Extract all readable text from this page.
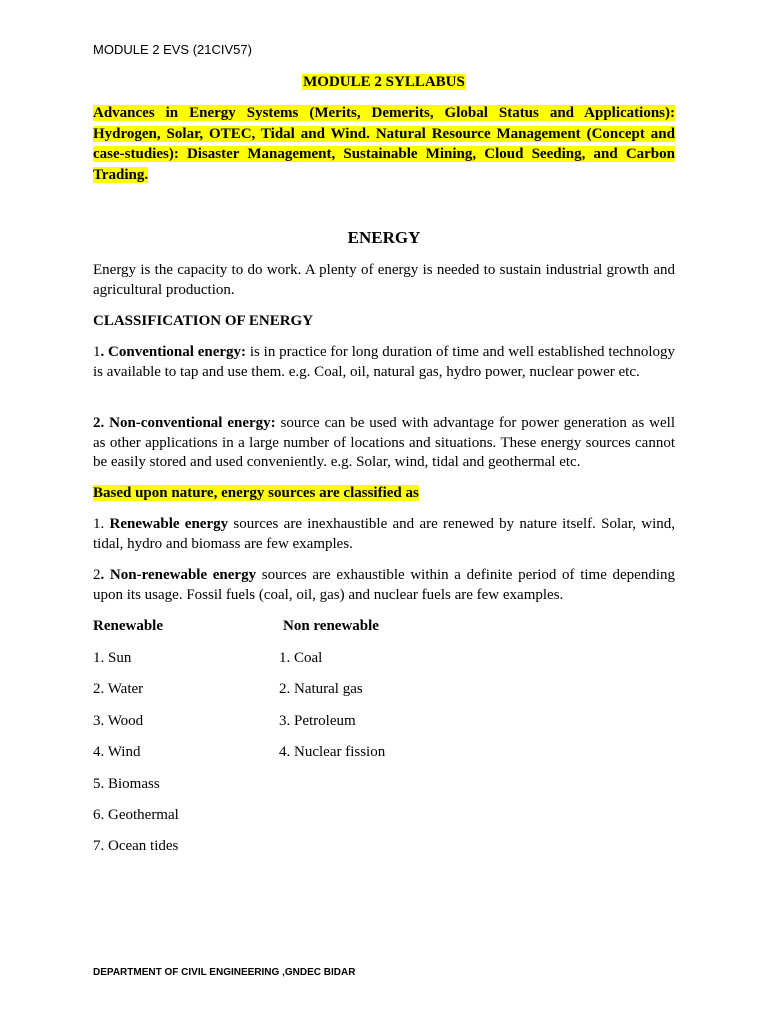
MODULE 2 EVS (21CIV57)
MODULE 2 SYLLABUS
Advances in Energy Systems (Merits, Demerits, Global Status and Applications): Hydrogen, Solar, OTEC, Tidal and Wind. Natural Resource Management (Concept and case-studies): Disaster Management, Sustainable Mining, Cloud Seeding, and Carbon Trading.
ENERGY
Energy is the capacity to do work. A plenty of energy is needed to sustain industrial growth and agricultural production.
CLASSIFICATION OF ENERGY
1. Conventional energy: is in practice for long duration of time and well established technology is available to tap and use them. e.g. Coal, oil, natural gas, hydro power, nuclear power etc.
2. Non-conventional energy: source can be used with advantage for power generation as well as other applications in a large number of locations and situations. These energy sources cannot be easily stored and used conveniently. e.g. Solar, wind, tidal and geothermal etc.
Based upon nature, energy sources are classified as
1. Renewable energy sources are inexhaustible and are renewed by nature itself. Solar, wind, tidal, hydro and biomass are few examples.
2. Non-renewable energy sources are exhaustible within a definite period of time depending upon its usage. Fossil fuels (coal, oil, gas) and nuclear fuels are few examples.
Renewable	Non renewable
1. Sun
2. Water
3. Wood
4. Wind
5. Biomass
6. Geothermal
7. Ocean tides
1. Coal
2. Natural gas
3. Petroleum
4. Nuclear fission
DEPARTMENT OF CIVIL ENGINEERING ,GNDEC BIDAR
